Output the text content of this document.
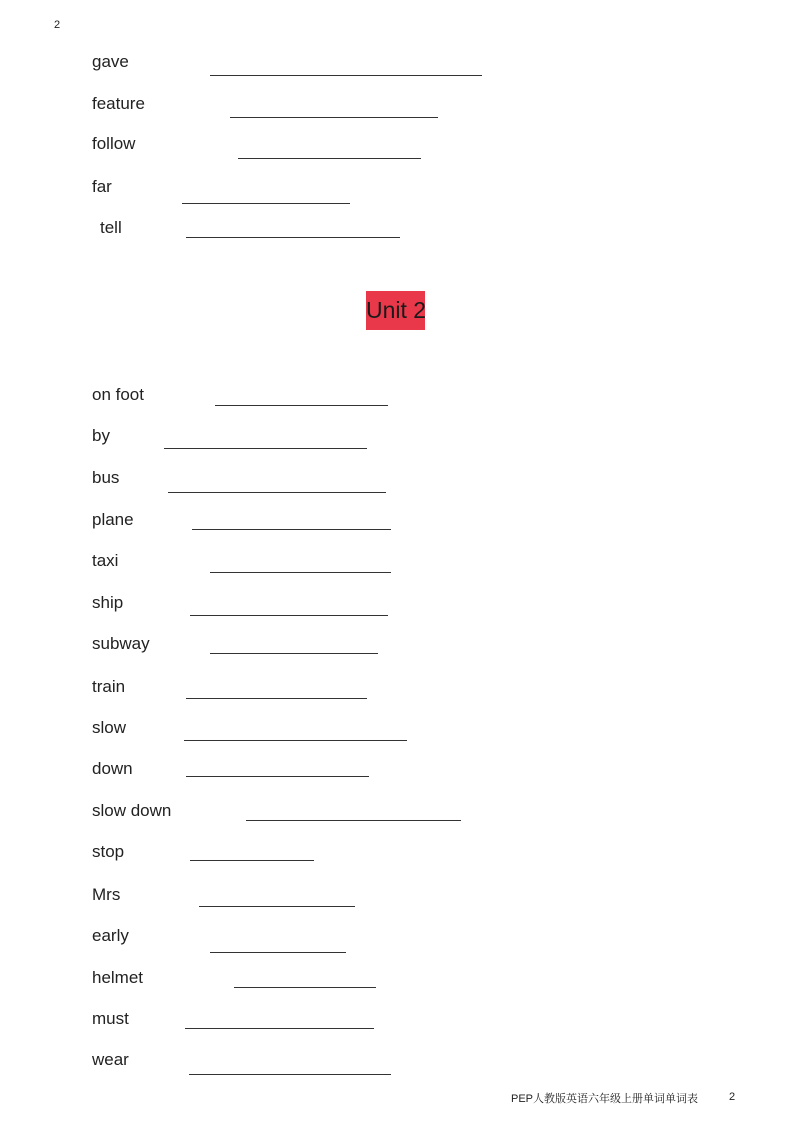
2
gave
feature
follow
far
tell
Unit 2
on foot
by
bus
plane
taxi
ship
subway
train
slow
down
slow down
stop
Mrs
early
helmet
must
wear
PEP人教版英语六年级上册单词单词表	2
